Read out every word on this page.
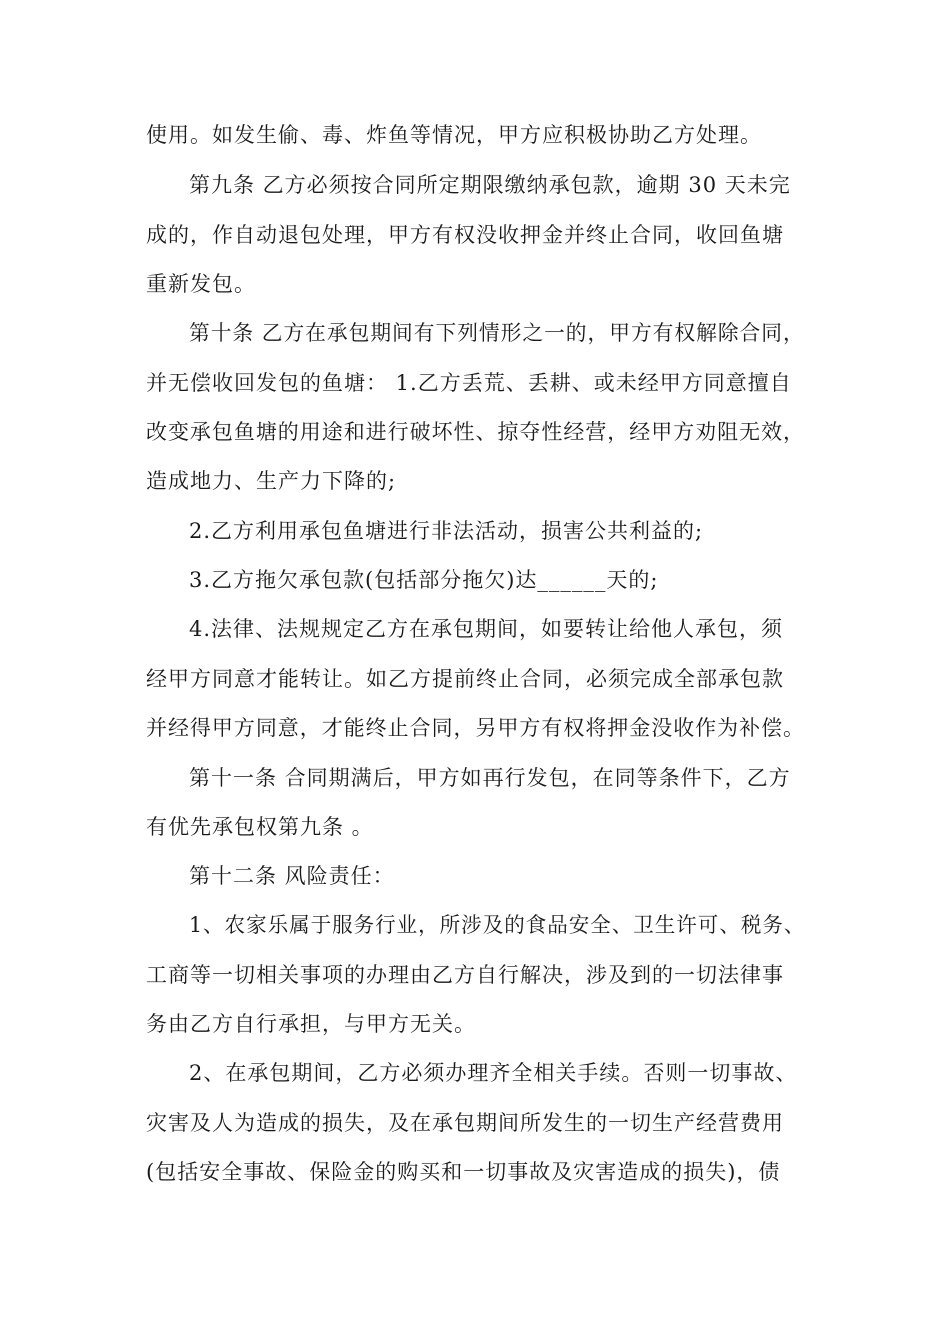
使用。如发生偷、毒、炸鱼等情况，甲方应积极协助乙方处理。
第九条 乙方必须按合同所定期限缴纳承包款，逾期 30 天未完
成的，作自动退包处理，甲方有权没收押金并终止合同，收回鱼塘
重新发包。
第十条 乙方在承包期间有下列情形之一的，甲方有权解除合同，
并无偿收回发包的鱼塘： 1.乙方丢荒、丢耕、或未经甲方同意擅自
改变承包鱼塘的用途和进行破坏性、掠夺性经营，经甲方劝阻无效，
造成地力、生产力下降的;
2.乙方利用承包鱼塘进行非法活动，损害公共利益的;
3.乙方拖欠承包款(包括部分拖欠)达______天的;
4.法律、法规规定乙方在承包期间，如要转让给他人承包，须
经甲方同意才能转让。如乙方提前终止合同，必须完成全部承包款
并经得甲方同意，才能终止合同，另甲方有权将押金没收作为补偿。
第十一条 合同期满后，甲方如再行发包，在同等条件下，乙方
有优先承包权第九条 。
第十二条 风险责任：
1、农家乐属于服务行业，所涉及的食品安全、卫生许可、税务、
工商等一切相关事项的办理由乙方自行解决，涉及到的一切法律事
务由乙方自行承担，与甲方无关。
2、在承包期间，乙方必须办理齐全相关手续。否则一切事故、
灾害及人为造成的损失，及在承包期间所发生的一切生产经营费用
(包括安全事故、保险金的购买和一切事故及灾害造成的损失)，债
